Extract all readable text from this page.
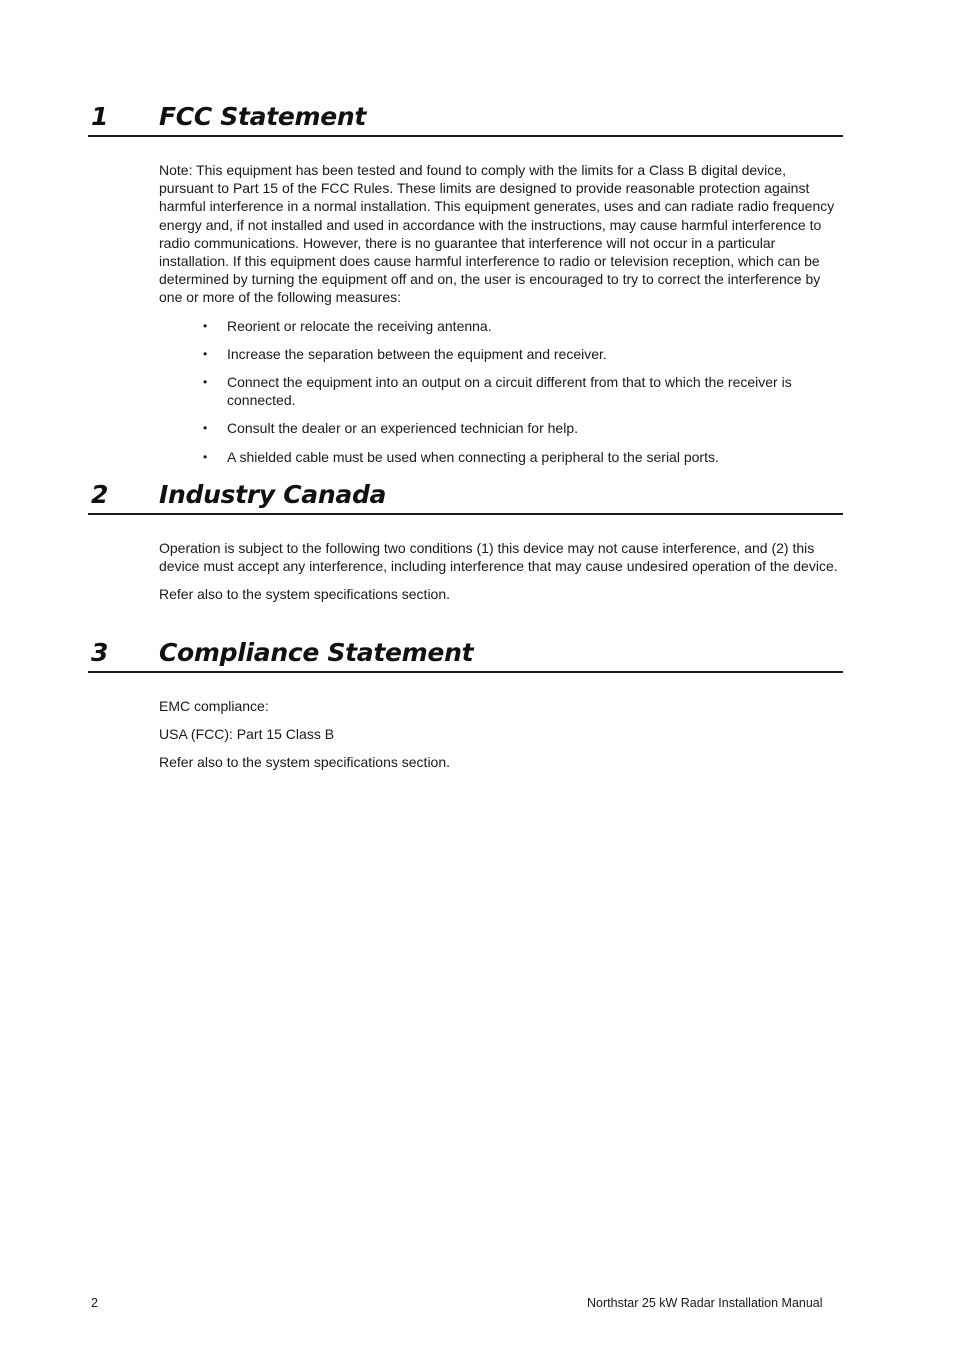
1 FCC Statement

Note: This equipment has been tested and found to comply with the limits for a Class B digital device, pursuant to Part 15 of the FCC Rules. These limits are designed to provide reasonable protection against harmful interference in a normal installation. This equipment generates, uses and can radiate radio frequency energy and, if not installed and used in accordance with the instructions, may cause harmful interference to radio communications. However, there is no guarantee that interference will not occur in a particular installation. If this equipment does cause harmful interference to radio or television reception, which can be determined by turning the equipment off and on, the user is encouraged to try to correct the interference by one or more of the following measures:

• Reorient or relocate the receiving antenna.
• Increase the separation between the equipment and receiver.
• Connect the equipment into an output on a circuit different from that to which the receiver is connected.
• Consult the dealer or an experienced technician for help.
• A shielded cable must be used when connecting a peripheral to the serial ports.
2 Industry Canada

Operation is subject to the following two conditions (1) this device may not cause interference, and (2) this device must accept any interference, including interference that may cause undesired operation of the device.

Refer also to the system specifications section.

3 Compliance Statement

EMC compliance:

USA (FCC): Part 15 Class B

Refer also to the system specifications section.

2	Northstar 25 kW Radar Installation Manual
